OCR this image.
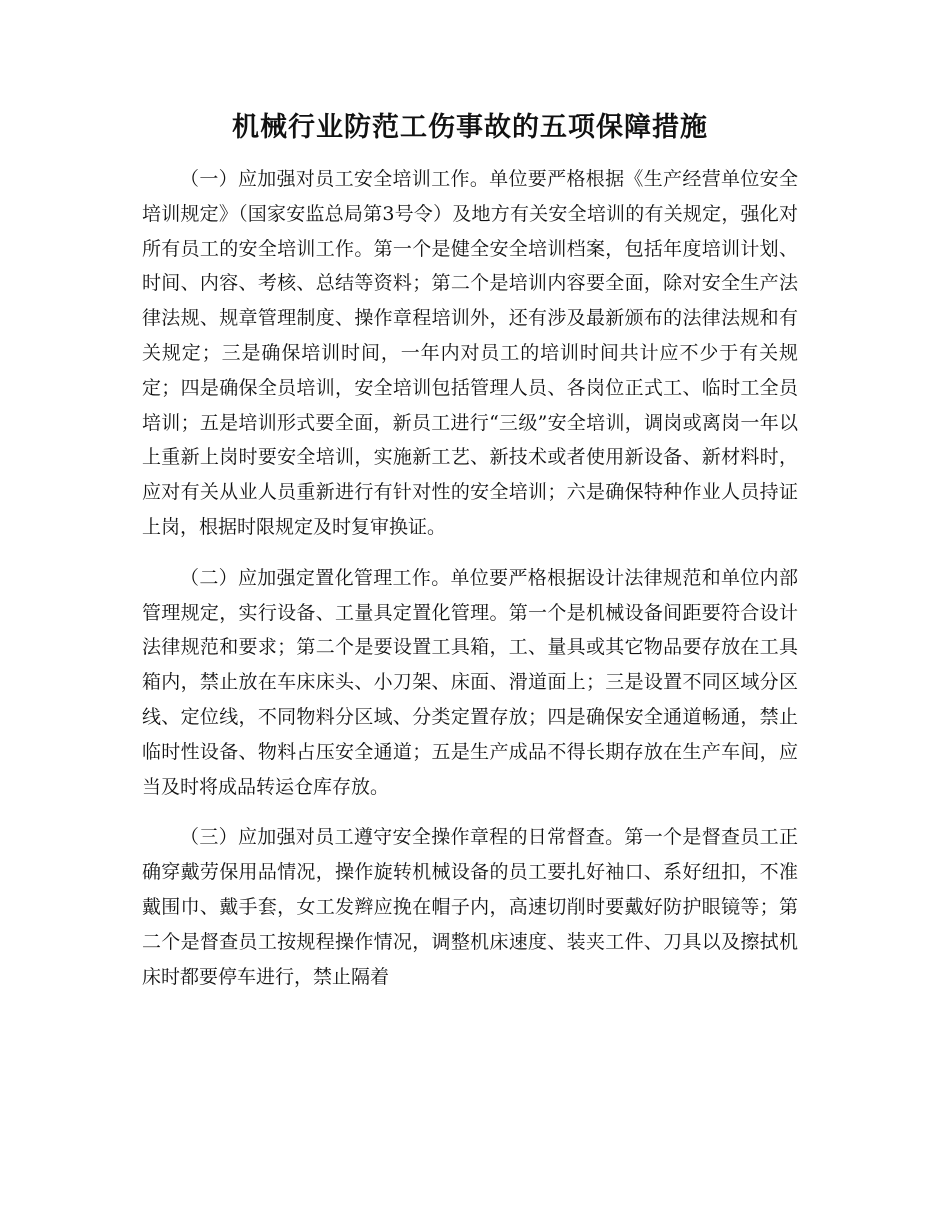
机械行业防范工伤事故的五项保障措施

（一）应加强对员工安全培训工作。单位要严格根据《生产经营单位安全培训规定》（国家安监总局第3号令）及地方有关安全培训的有关规定，强化对所有员工的安全培训工作。第一个是健全安全培训档案，包括年度培训计划、时间、内容、考核、总结等资料；第二个是培训内容要全面，除对安全生产法律法规、规章管理制度、操作章程培训外，还有涉及最新颁布的法律法规和有关规定；三是确保培训时间，一年内对员工的培训时间共计应不少于有关规定；四是确保全员培训，安全培训包括管理人员、各岗位正式工、临时工全员培训；五是培训形式要全面，新员工进行“三级”安全培训，调岗或离岗一年以上重新上岗时要安全培训，实施新工艺、新技术或者使用新设备、新材料时，应对有关从业人员重新进行有针对性的安全培训；六是确保特种作业人员持证上岗，根据时限规定及时复审换证。

（二）应加强定置化管理工作。单位要严格根据设计法律规范和单位内部管理规定，实行设备、工量具定置化管理。第一个是机械设备间距要符合设计法律规范和要求；第二个是要设置工具箱，工、量具或其它物品要存放在工具箱内，禁止放在车床床头、小刀架、床面、滑道面上；三是设置不同区域分区线、定位线，不同物料分区域、分类定置存放；四是确保安全通道畅通，禁止临时性设备、物料占压安全通道；五是生产成品不得长期存放在生产车间，应当及时将成品转运仓库存放。

（三）应加强对员工遵守安全操作章程的日常督查。第一个是督查员工正确穿戴劳保用品情况，操作旋转机械设备的员工要扎好袖口、系好纽扣，不准戴围巾、戴手套，女工发辫应挽在帽子内，高速切削时要戴好防护眼镜等；第二个是督查员工按规程操作情况，调整机床速度、装夹工件、刀具以及擦拭机床时都要停车进行，禁止隔着
